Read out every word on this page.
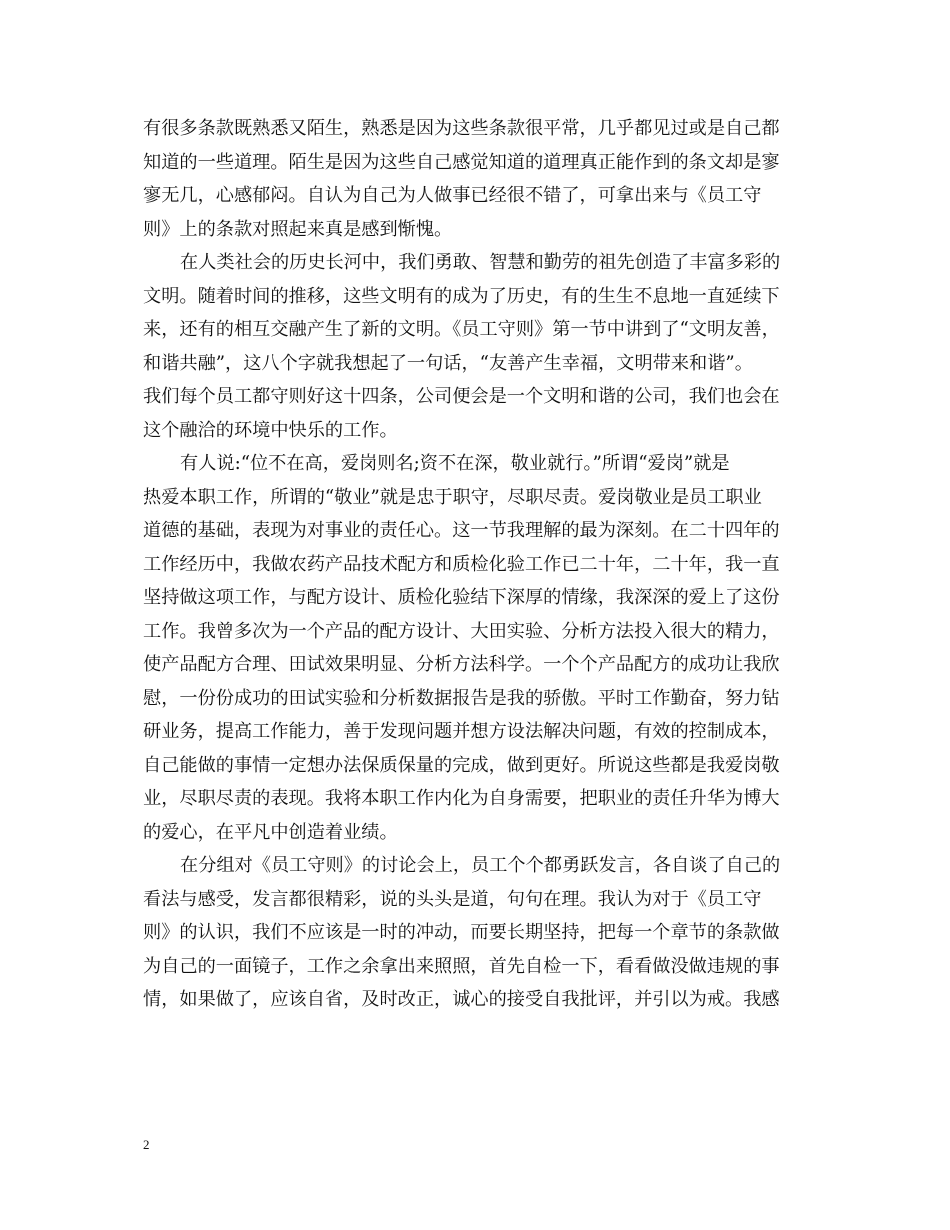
有很多条款既熟悉又陌生，熟悉是因为这些条款很平常，几乎都见过或是自己都
知道的一些道理。陌生是因为这些自己感觉知道的道理真正能作到的条文却是寥
寥无几，心感郁闷。自认为自己为人做事已经很不错了，可拿出来与《员工守
则》上的条款对照起来真是感到惭愧。
在人类社会的历史长河中，我们勇敢、智慧和勤劳的祖先创造了丰富多彩的
文明。随着时间的推移，这些文明有的成为了历史，有的生生不息地一直延续下
来，还有的相互交融产生了新的文明。《员工守则》第一节中讲到了“文明友善，
和谐共融”，这八个字就我想起了一句话，“友善产生幸福，文明带来和谐”。
我们每个员工都守则好这十四条，公司便会是一个文明和谐的公司，我们也会在
这个融洽的环境中快乐的工作。
有人说:“位不在高，爱岗则名;资不在深，敬业就行。”所谓“爱岗”就是
热爱本职工作，所谓的“敬业”就是忠于职守，尽职尽责。爱岗敬业是员工职业
道德的基础，表现为对事业的责任心。这一节我理解的最为深刻。在二十四年的
工作经历中，我做农药产品技术配方和质检化验工作已二十年，二十年，我一直
坚持做这项工作，与配方设计、质检化验结下深厚的情缘，我深深的爱上了这份
工作。我曾多次为一个产品的配方设计、大田实验、分析方法投入很大的精力，
使产品配方合理、田试效果明显、分析方法科学。一个个产品配方的成功让我欣
慰，一份份成功的田试实验和分析数据报告是我的骄傲。平时工作勤奋，努力钻
研业务，提高工作能力，善于发现问题并想方设法解决问题，有效的控制成本，
自己能做的事情一定想办法保质保量的完成，做到更好。所说这些都是我爱岗敬
业，尽职尽责的表现。我将本职工作内化为自身需要，把职业的责任升华为博大
的爱心，在平凡中创造着业绩。
在分组对《员工守则》的讨论会上，员工个个都勇跃发言，各自谈了自己的
看法与感受，发言都很精彩，说的头头是道，句句在理。我认为对于《员工守
则》的认识，我们不应该是一时的冲动，而要长期坚持，把每一个章节的条款做
为自己的一面镜子，工作之余拿出来照照，首先自检一下，看看做没做违规的事
情，如果做了，应该自省，及时改正，诚心的接受自我批评，并引以为戒。我感
2
